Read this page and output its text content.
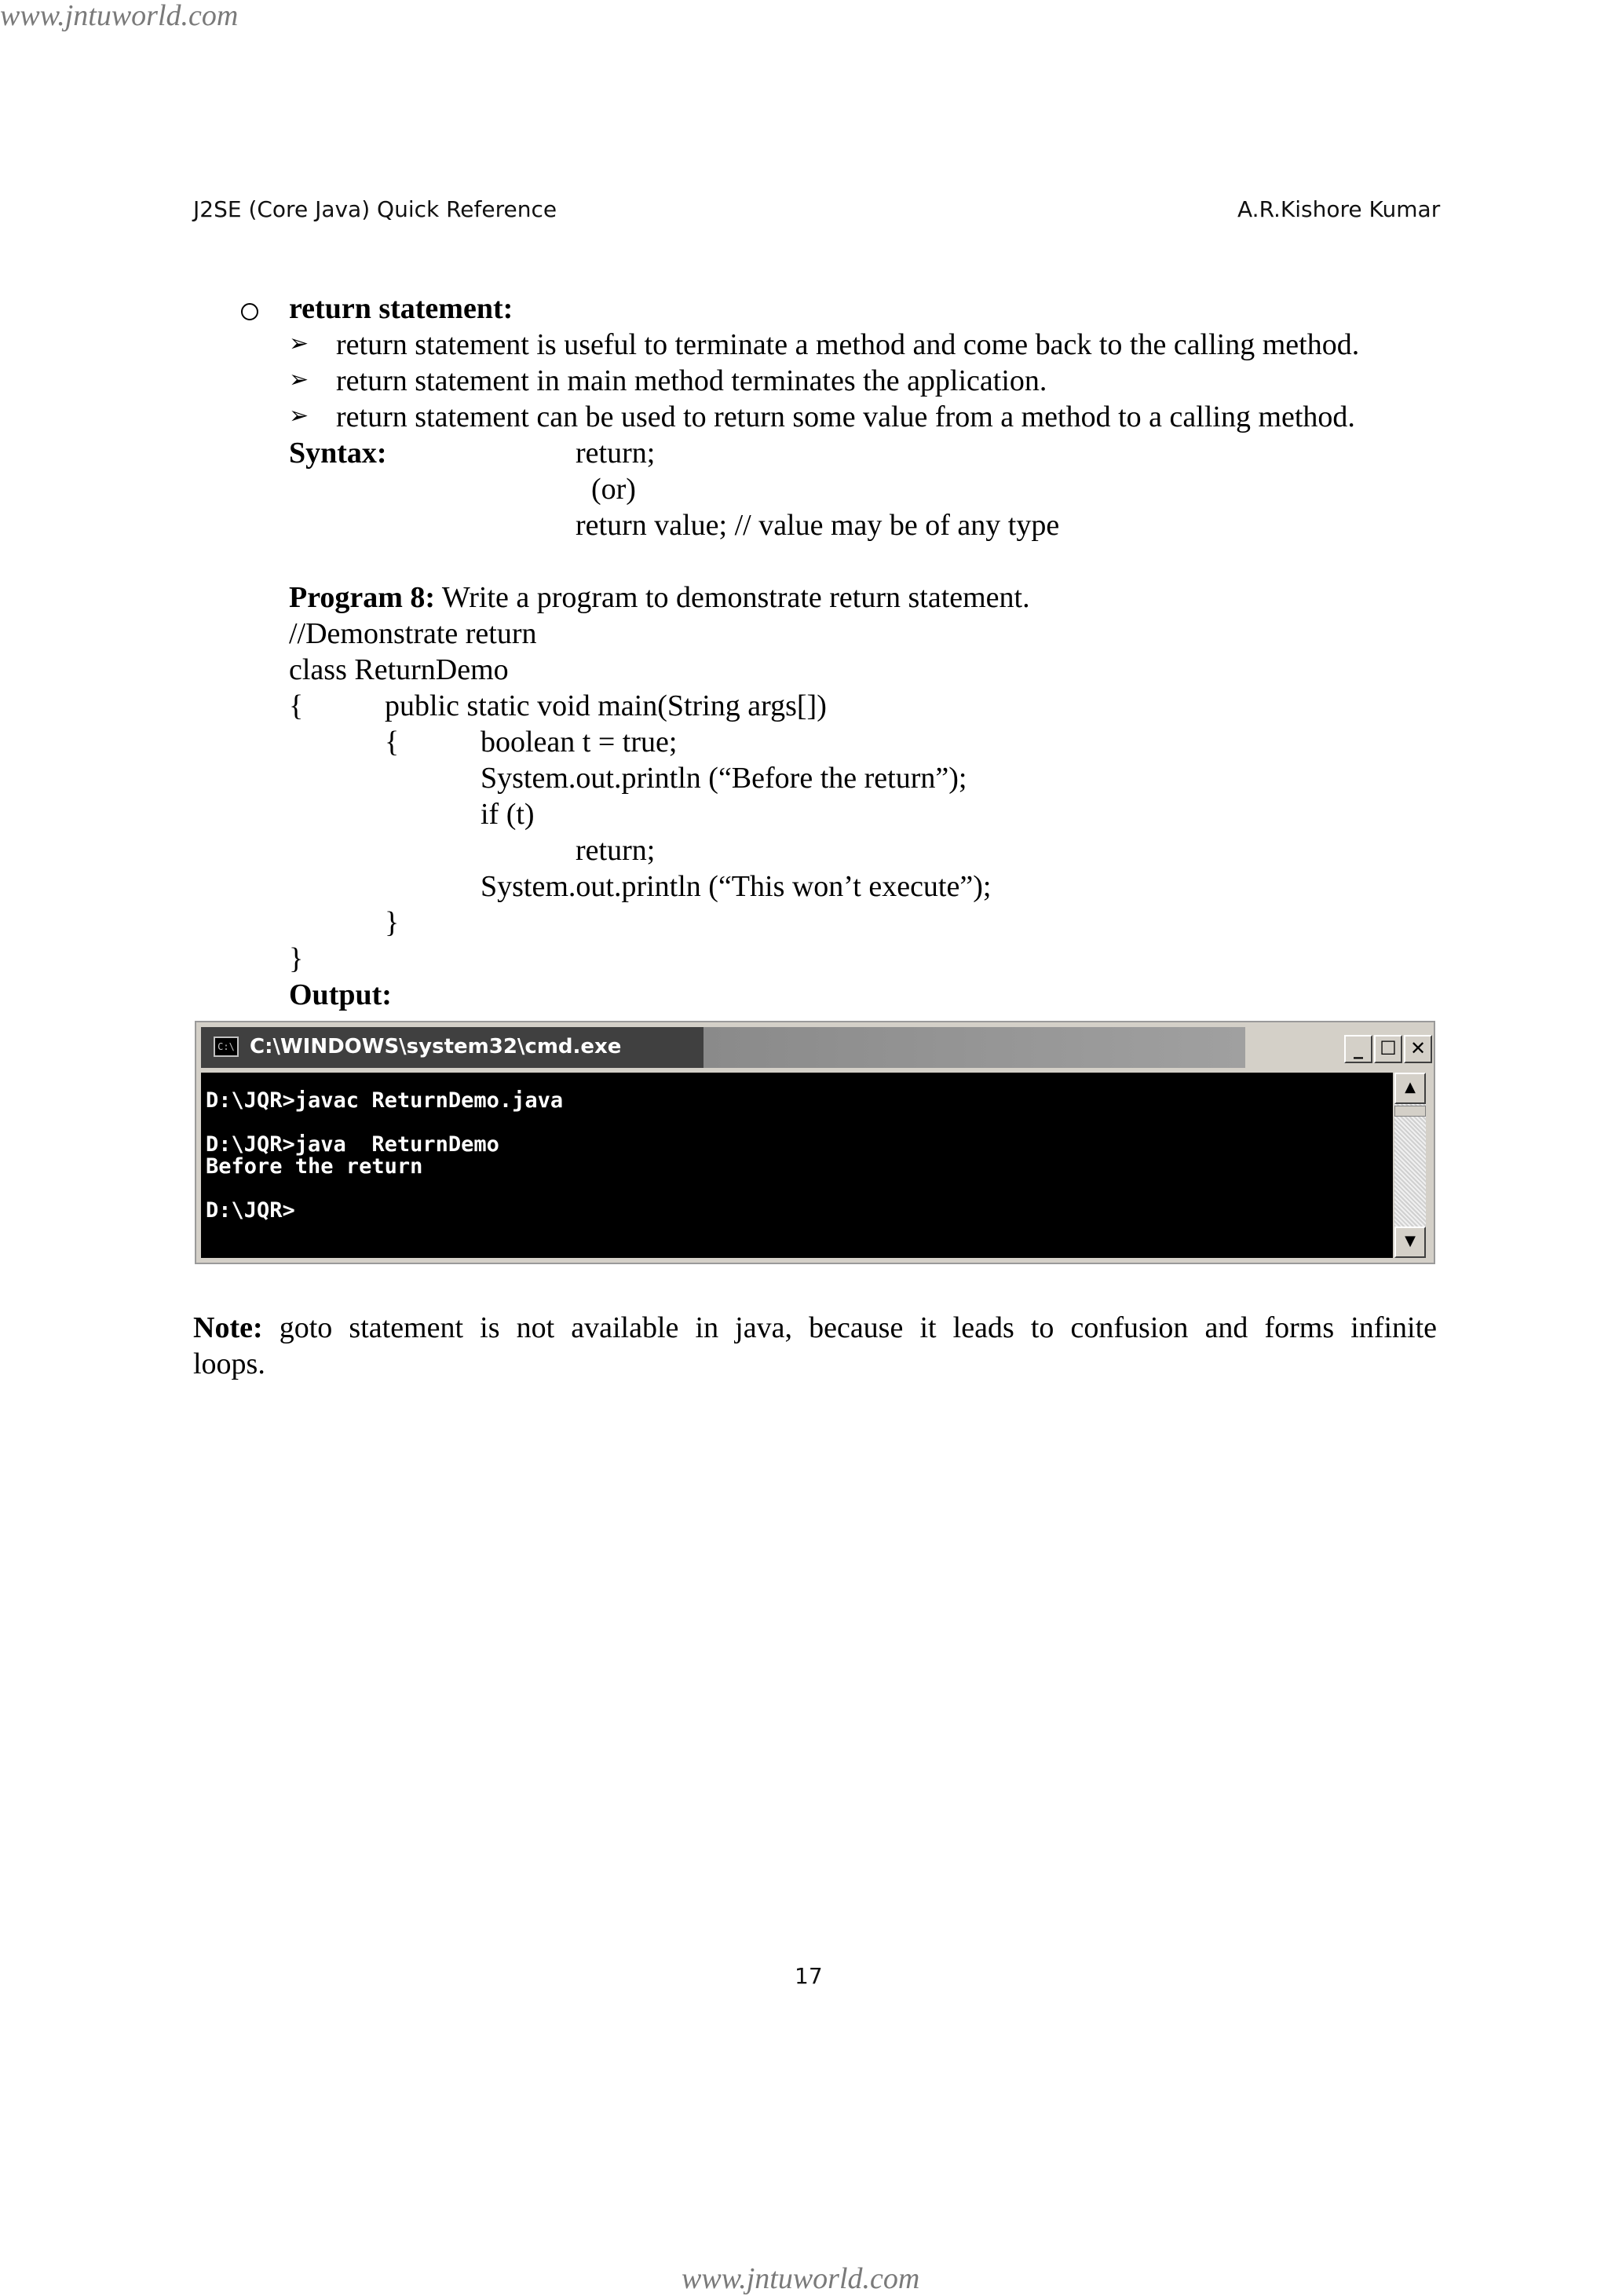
www.jntuworld.com
www.jntuworld.com
J2SE (Core Java) Quick Reference	A.R.Kishore Kumar
return statement:
➢ return statement is useful to terminate a method and come back to the calling method.
➢ return statement in main method terminates the application.
➢ return statement can be used to return some value from a method to a calling method.
Syntax:	return;
(or)
return value; // value may be of any type
Program 8: Write a program to demonstrate return statement.
//Demonstrate return
class ReturnDemo
{	public static void main(String args[])
{	boolean t = true;
System.out.println (“Before the return”);
if (t)
return;
System.out.println (“This won’t execute”);
}
}
Output:
C:\ C:\WINDOWS\system32\cmd.exe	_ ☐ ✕
D:\JQR>javac ReturnDemo.java
D:\JQR>java  ReturnDemo
Before the return
D:\JQR>
▲
▼
Note: goto statement is not available in java, because it leads to confusion and forms infinite
loops.
17
